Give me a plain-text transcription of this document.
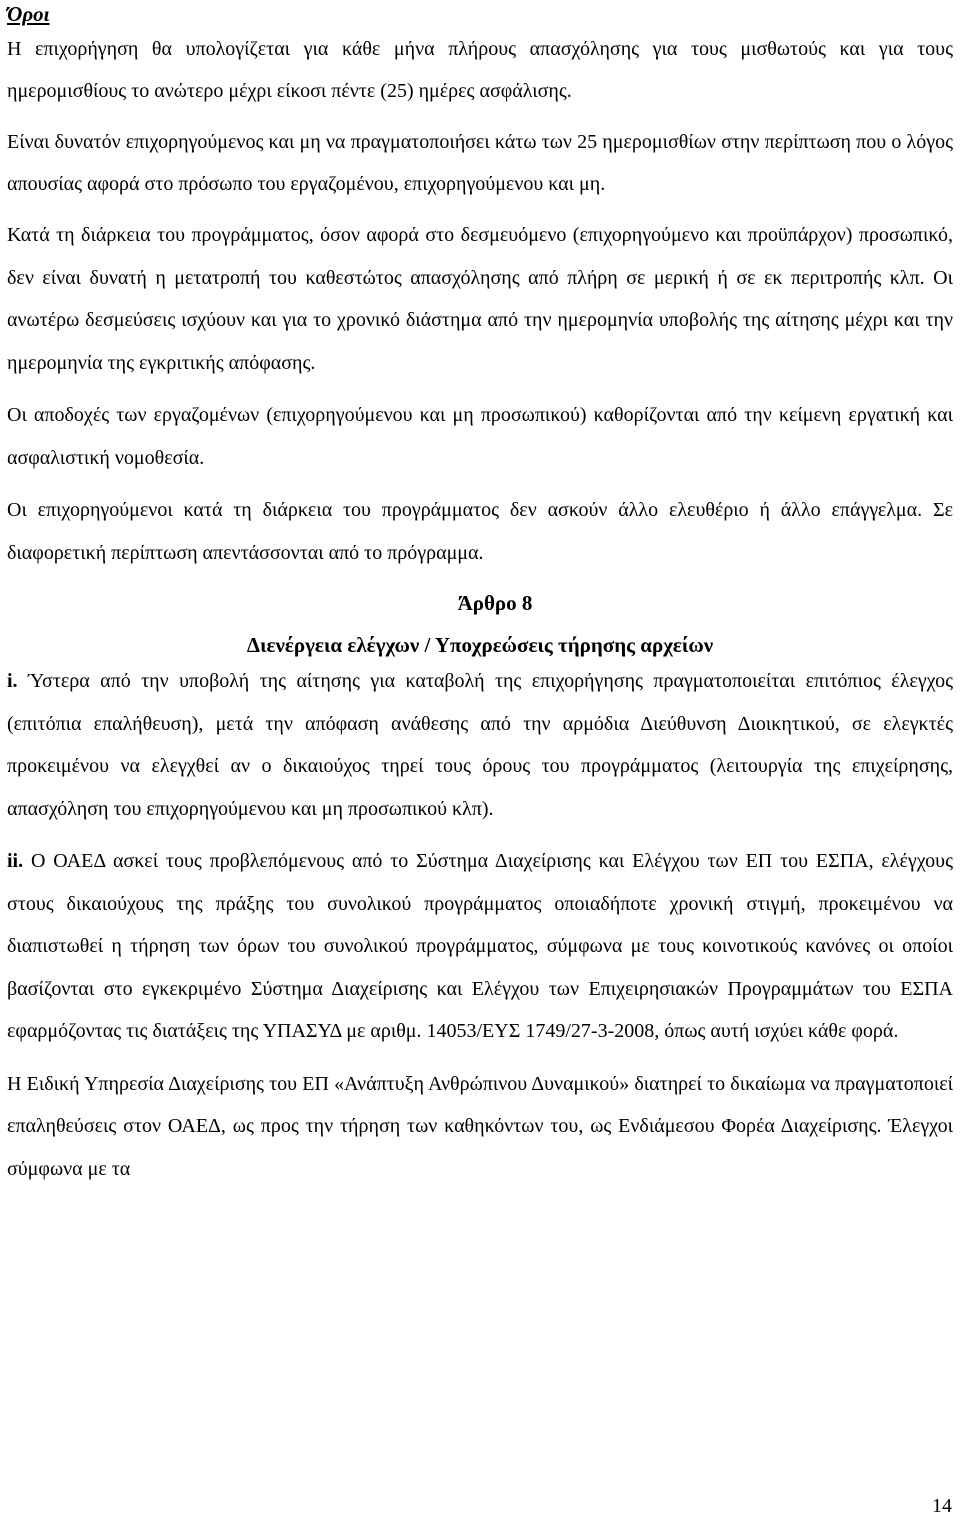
Όροι

Η επιχορήγηση θα υπολογίζεται για κάθε μήνα πλήρους απασχόλησης για τους μισθωτούς και για τους ημερομισθίους το ανώτερο μέχρι είκοσι πέντε (25) ημέρες ασφάλισης.

Είναι δυνατόν επιχορηγούμενος και μη να πραγματοποιήσει κάτω των 25 ημερομισθίων στην περίπτωση που ο λόγος απουσίας αφορά στο πρόσωπο του εργαζομένου, επιχορηγούμενου και μη.

Κατά τη διάρκεια του προγράμματος, όσον αφορά στο δεσμευόμενο (επιχορηγούμενο και προϋπάρχον) προσωπικό, δεν είναι δυνατή η μετατροπή του καθεστώτος απασχόλησης από πλήρη σε μερική ή σε εκ περιτροπής κλπ. Οι ανωτέρω δεσμεύσεις ισχύουν και για το χρονικό διάστημα από την ημερομηνία υποβολής της αίτησης μέχρι και την ημερομηνία της εγκριτικής απόφασης.

Οι αποδοχές των εργαζομένων (επιχορηγούμενου και μη προσωπικού) καθορίζονται από την κείμενη εργατική και ασφαλιστική νομοθεσία.

Οι επιχορηγούμενοι κατά τη διάρκεια του προγράμματος δεν ασκούν άλλο ελευθέριο ή άλλο επάγγελμα. Σε διαφορετική περίπτωση απεντάσσονται από το πρόγραμμα.

Άρθρο 8
Διενέργεια ελέγχων / Υποχρεώσεις τήρησης αρχείων

i. Ύστερα από την υποβολή της αίτησης για καταβολή της επιχορήγησης πραγματοποιείται επιτόπιος έλεγχος (επιτόπια επαλήθευση), μετά την απόφαση ανάθεσης από την αρμόδια Διεύθυνση Διοικητικού, σε ελεγκτές προκειμένου να ελεγχθεί αν ο δικαιούχος τηρεί τους όρους του προγράμματος (λειτουργία της επιχείρησης, απασχόληση του επιχορηγούμενου και μη προσωπικού κλπ).

ii. Ο ΟΑΕΔ ασκεί τους προβλεπόμενους από το Σύστημα Διαχείρισης και Ελέγχου των ΕΠ του ΕΣΠΑ, ελέγχους στους δικαιούχους της πράξης του συνολικού προγράμματος οποιαδήποτε χρονική στιγμή, προκειμένου να διαπιστωθεί η τήρηση των όρων του συνολικού προγράμματος, σύμφωνα με τους κοινοτικούς κανόνες οι οποίοι βασίζονται στο εγκεκριμένο Σύστημα Διαχείρισης και Ελέγχου των Επιχειρησιακών Προγραμμάτων του ΕΣΠΑ εφαρμόζοντας τις διατάξεις της ΥΠΑΣΥΔ με αριθμ. 14053/ΕΥΣ 1749/27-3-2008, όπως αυτή ισχύει κάθε φορά.

Η Ειδική Υπηρεσία Διαχείρισης του ΕΠ «Ανάπτυξη Ανθρώπινου Δυναμικού» διατηρεί το δικαίωμα να πραγματοποιεί επαληθεύσεις στον ΟΑΕΔ, ως προς την τήρηση των καθηκόντων του, ως Ενδιάμεσου Φορέα Διαχείρισης. Έλεγχοι σύμφωνα με τα

14
